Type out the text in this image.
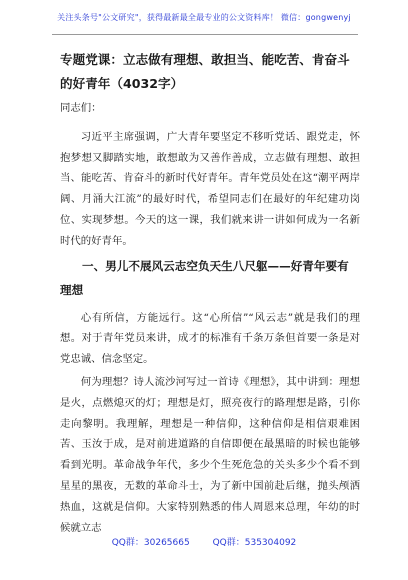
关注头条号"公文研究"，获得最新最全最专业的公文资料库！ 微信：gongwenyj
专题党课：立志做有理想、敢担当、能吃苦、肯奋斗的好青年（4032字）
同志们：
习近平主席强调，广大青年要坚定不移听党话、跟党走，怀抱梦想又脚踏实地，敢想敢为又善作善成，立志做有理想、敢担当、能吃苦、肯奋斗的新时代好青年。青年党员处在这“潮平两岸阔、月涌大江流”的最好时代，希望同志们在最好的年纪建功岗位、实现梦想。今天的这一课，我们就来讲一讲如何成为一名新时代的好青年。
一、男儿不展风云志空负天生八尺躯——好青年要有理想
心有所信，方能远行。这“心所信”“风云志”就是我们的理想。对于青年党员来讲，成才的标准有千条万条但首要一条是对党忠诚、信念坚定。
何为理想？诗人流沙河写过一首诗《理想》，其中讲到：理想是火，点燃熄灭的灯；理想是灯，照亮夜行的路理想是路，引你走向黎明。我理解，理想是一种信仰，这种信仰是相信艰难困苦、玉汝于成，是对前进道路的自信即便在最黑暗的时候也能够看到光明。革命战争年代，多少个生死危急的关头多少个看不到星星的黑夜，无数的革命斗士，为了新中国前赴后继，抛头颅洒热血，这就是信仰。大家特别熟悉的伟人周恩来总理，年幼的时候就立志
QQ群：30265665	QQ群：535304092
